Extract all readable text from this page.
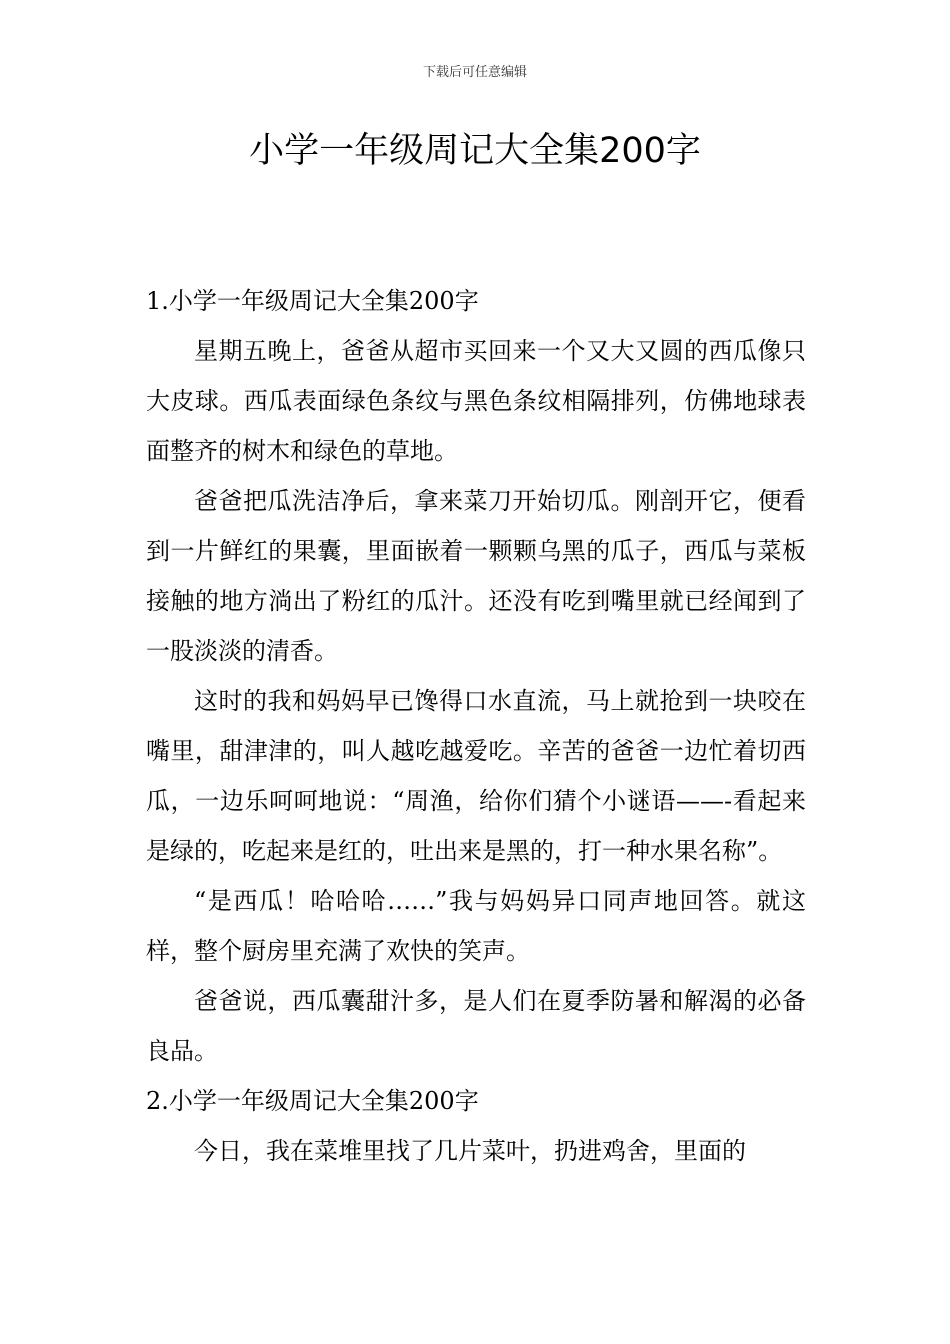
下载后可任意编辑
小学一年级周记大全集200字

1.小学一年级周记大全集200字

星期五晚上，爸爸从超市买回来一个又大又圆的西瓜像只大皮球。西瓜表面绿色条纹与黑色条纹相隔排列，仿佛地球表面整齐的树木和绿色的草地。

爸爸把瓜洗洁净后，拿来菜刀开始切瓜。刚剖开它，便看到一片鲜红的果囊，里面嵌着一颗颗乌黑的瓜子，西瓜与菜板接触的地方淌出了粉红的瓜汁。还没有吃到嘴里就已经闻到了一股淡淡的清香。

这时的我和妈妈早已馋得口水直流，马上就抢到一块咬在嘴里，甜津津的，叫人越吃越爱吃。辛苦的爸爸一边忙着切西瓜，一边乐呵呵地说：“周渔，给你们猜个小谜语——-看起来是绿的，吃起来是红的，吐出来是黑的，打一种水果名称”。

“是西瓜！哈哈哈……”我与妈妈异口同声地回答。就这样，整个厨房里充满了欢快的笑声。

爸爸说，西瓜囊甜汁多，是人们在夏季防暑和解渴的必备良品。

2.小学一年级周记大全集200字

今日，我在菜堆里找了几片菜叶，扔进鸡舍，里面的
